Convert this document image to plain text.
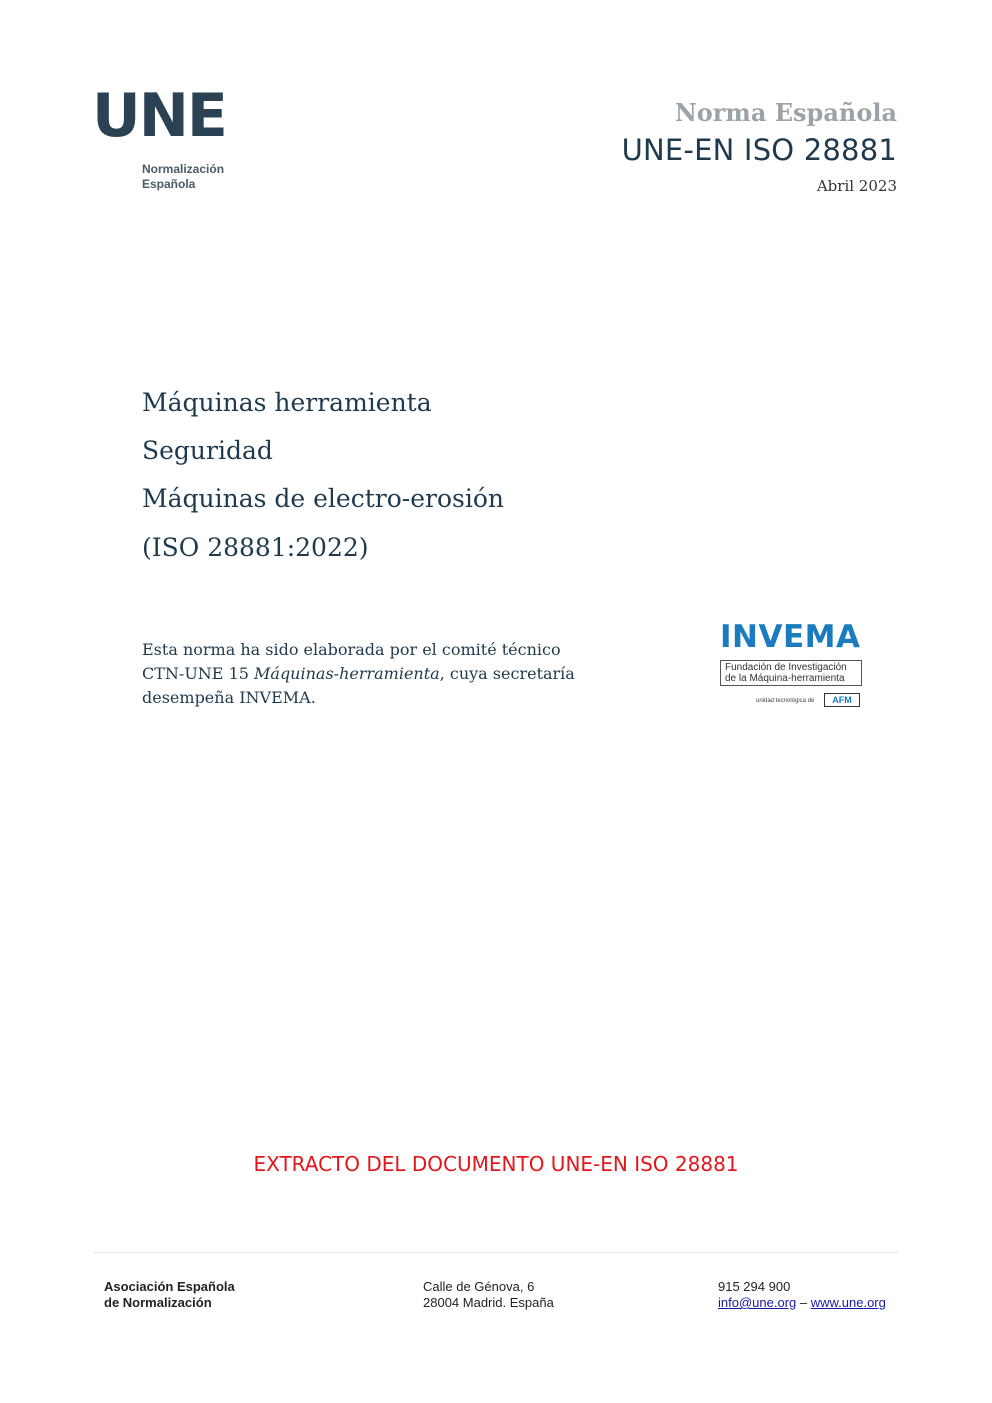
UNE
Normalización
Española
Norma Española
UNE-EN ISO 28881
Abril 2023
Máquinas herramienta
Seguridad
Máquinas de electro-erosión
(ISO 28881:2022)
Esta norma ha sido elaborada por el comité técnico
CTN-UNE 15 Máquinas-herramienta, cuya secretaría
desempeña INVEMA.
INVEMA
Fundación de Investigación
de la Máquina-herramienta
unidad tecnológica de	AFM
EXTRACTO DEL DOCUMENTO UNE-EN ISO 28881
Asociación Española
de Normalización
Calle de Génova, 6
28004 Madrid. España
915 294 900
info@une.org – www.une.org
